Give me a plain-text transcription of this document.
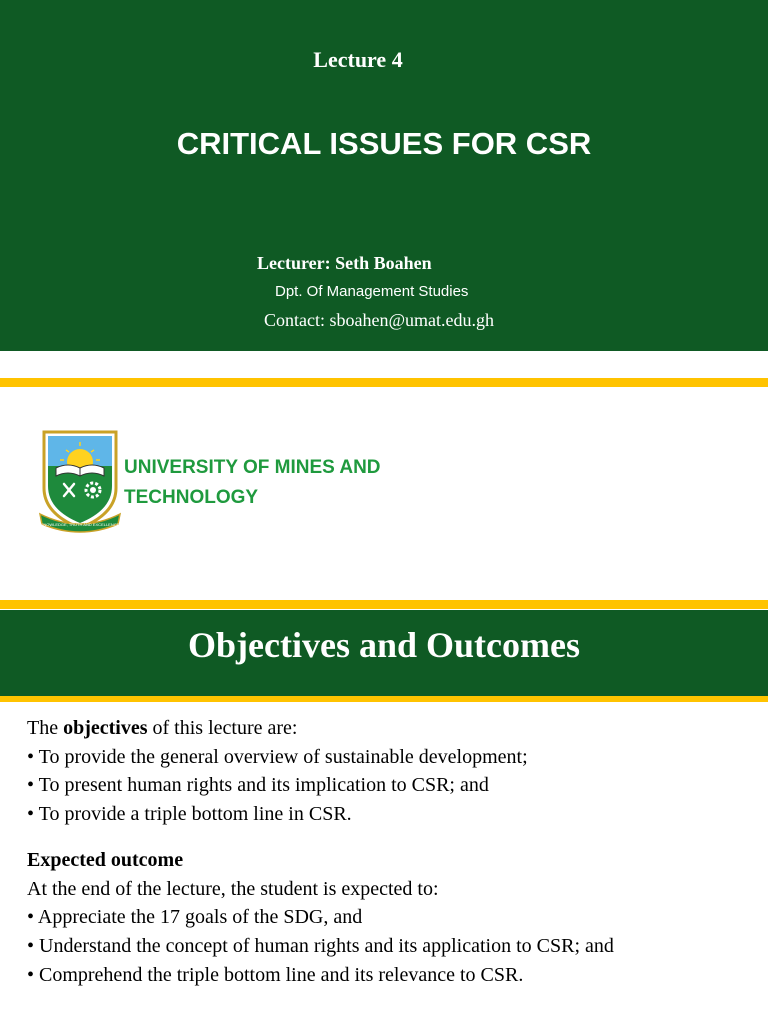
Lecture 4
CRITICAL ISSUES FOR CSR
Lecturer: Seth Boahen
Dpt. Of Management Studies
Contact: sboahen@umat.edu.gh
KNOWLEDGE, TRUTH AND EXCELLENCE
UNIVERSITY OF MINES AND
TECHNOLOGY
Objectives and Outcomes
The objectives of this lecture are:
• To provide the general overview of sustainable development;
• To present human rights and its implication to CSR; and
• To provide a triple bottom line in CSR.
Expected outcome
At the end of the lecture, the student is expected to:
• Appreciate the 17 goals of the SDG, and
• Understand the concept of human rights and its application to CSR; and
• Comprehend the triple bottom line and its relevance to CSR.
